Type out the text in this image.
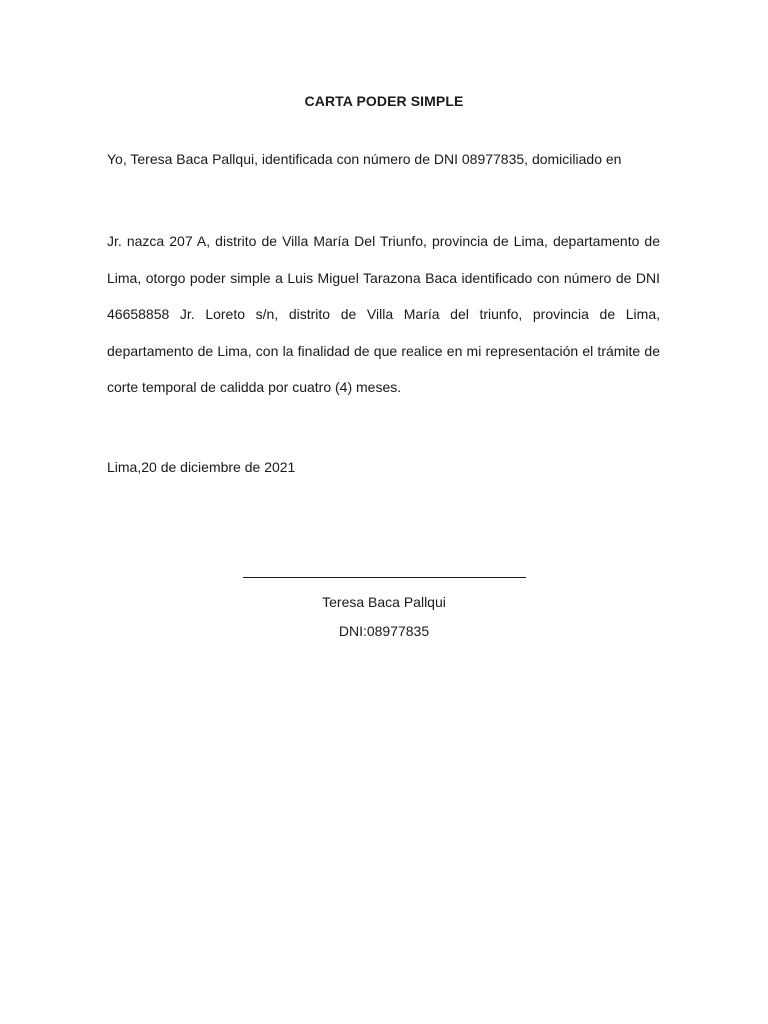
CARTA PODER SIMPLE
Yo, Teresa Baca Pallqui, identificada con número de DNI 08977835, domiciliado en
Jr. nazca 207 A, distrito de Villa María Del Triunfo, provincia de Lima, departamento de Lima, otorgo poder simple a Luis Miguel Tarazona Baca identificado con número de DNI 46658858 Jr. Loreto s/n, distrito de Villa María del triunfo, provincia de Lima, departamento de Lima, con la finalidad de que realice en mi representación el trámite de corte temporal de calidda por cuatro (4) meses.
Lima,20 de diciembre de 2021
Teresa Baca Pallqui
DNI:08977835
